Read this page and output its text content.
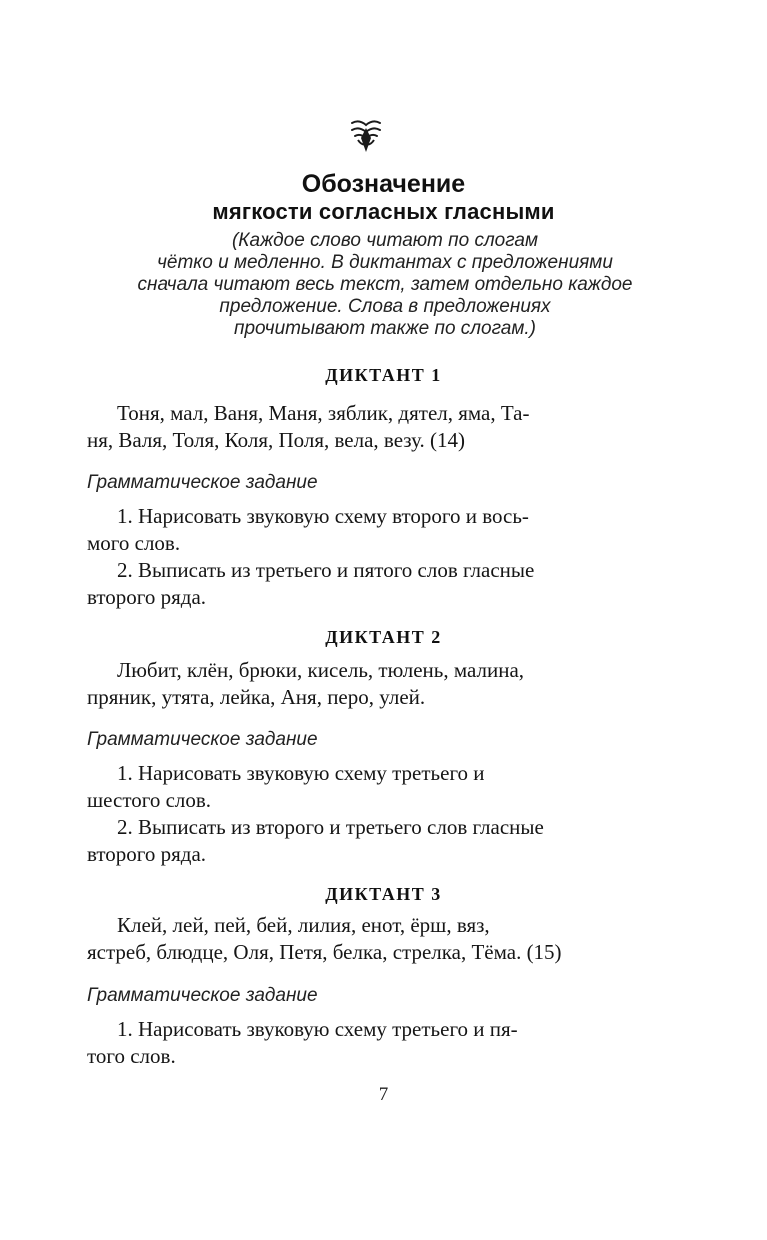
Обозначение
мягкости согласных гласными
(Каждое слово читают по слогам
чётко и медленно. В диктантах с предложениями
сначала читают весь текст, затем отдельно каждое
предложение. Слова в предложениях
прочитывают также по слогам.)
ДИКТАНТ 1
Тоня, мал, Ваня, Маня, зяблик, дятел, яма, Та-
ня, Валя, Толя, Коля, Поля, вела, везу. (14)
Грамматическое задание
1. Нарисовать звуковую схему второго и вось-
мого слов.
2. Выписать из третьего и пятого слов гласные
второго ряда.
ДИКТАНТ 2
Любит, клён, брюки, кисель, тюлень, малина,
пряник, утята, лейка, Аня, перо, улей.
Грамматическое задание
1. Нарисовать звуковую схему третьего и
шестого слов.
2. Выписать из второго и третьего слов гласные
второго ряда.
ДИКТАНТ 3
Клей, лей, пей, бей, лилия, енот, ёрш, вяз,
ястреб, блюдце, Оля, Петя, белка, стрелка, Тёма. (15)
Грамматическое задание
1. Нарисовать звуковую схему третьего и пя-
того слов.
7
